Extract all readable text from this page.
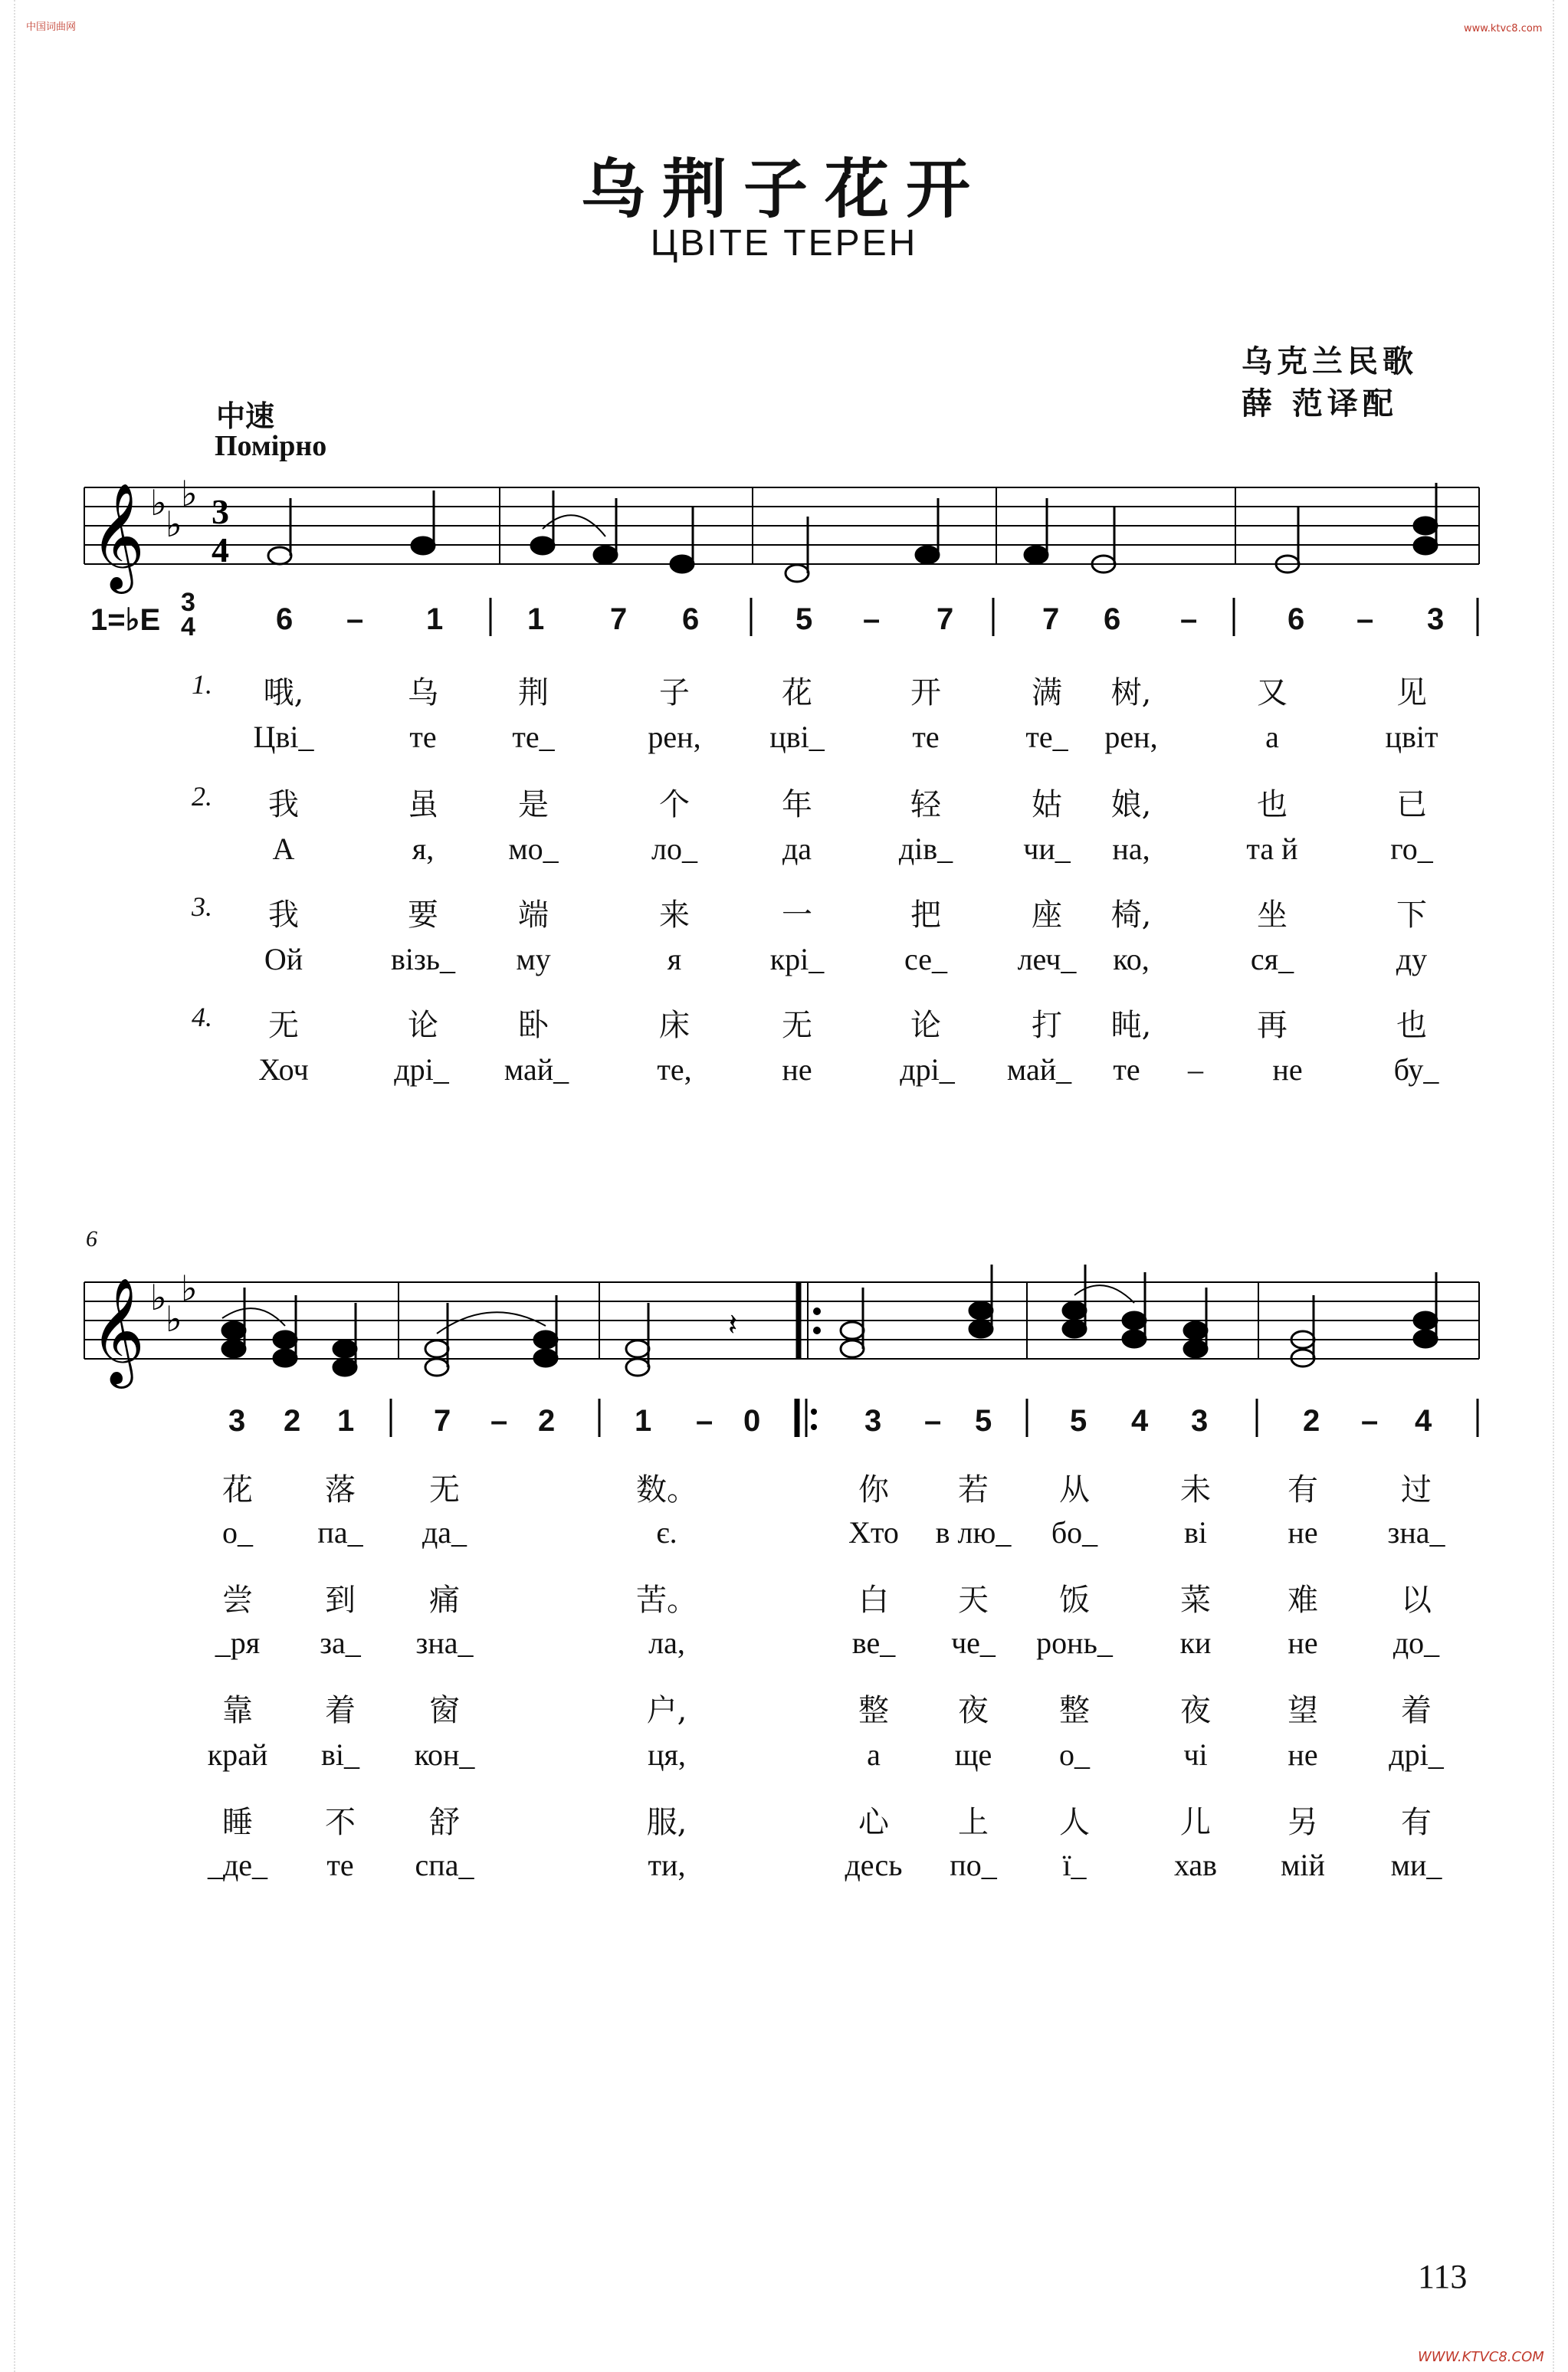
中国词曲网	www.ktvc8.com
WWW.KTVC8.COM
乌荆子花开
ЦВІТЕ ТЕРЕН
乌克兰民歌
薛 范译配
中速
Помірно
𝄞 ♭
♭
♭ 3
4
𝄞 ♭
♭
♭
𝄽
6
1=♭E
3
4	6 – 1	1 7 6	5 – 7	7 6 –	6 – 3
3 2 1	7 – 2	1 – 0	3 – 5	5 4 3	2 – 4
1.
2.
3.
4.
哦,	乌	荆	子	花	开	满 树,	又	见
Цві_	те те_	рен, цві_	те	те_ рен,	а	цвіт
我	虽	是	个	年	轻	姑 娘,	也	已
А	я, мо_	ло_	да	дів_ чи_ на,	та й	го_
我	要	端	来	一	把	座 椅,	坐	下
Ой	візь_ му	я	крі_	се_ леч_ ко,	ся_	ду
无	论	卧	床	无	论	打 盹,	再	也
Хоч	дрі_ май_	те,	не	дрі_ май_ те – не	бу_
花 落 无	数。	你 若 从	未	有	过
о_ па_ да_	є.	Хто в лю_ бо_	ві	не зна_
尝 到 痛	苦。	白 天 饭	菜	难	以
_ря за_ зна_	ла,	ве_ че_ ронь_ ки не до_
靠 着 窗	户,	整 夜 整	夜	望	着
край ві_ кон_	ця,	а ще о_	чі	не дрі_
睡 不 舒	服,	心 上 人	儿	另	有
_де_ те спа_	ти,	десь по_ ї_	хав мій ми_
113
